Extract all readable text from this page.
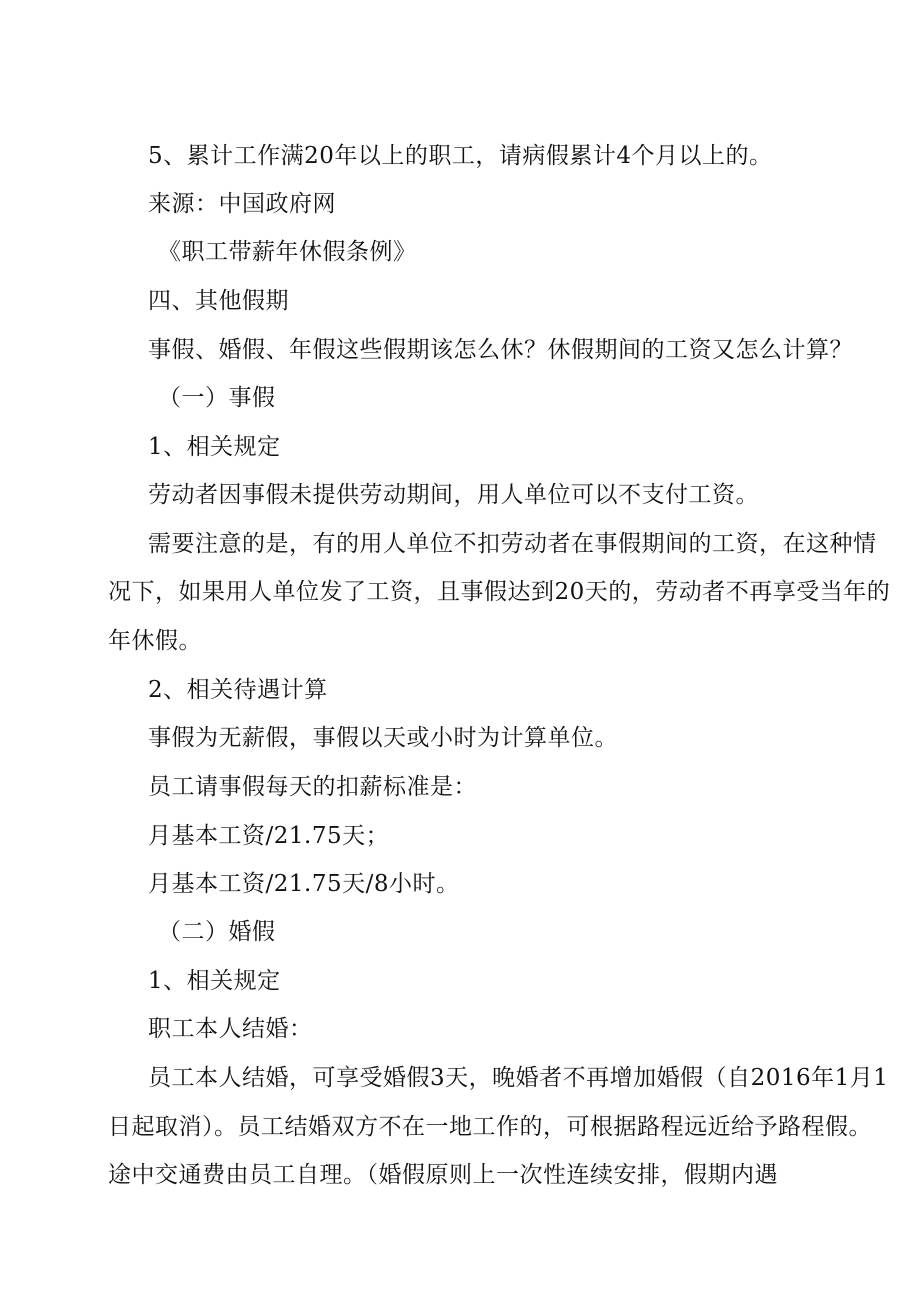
5、累计工作满20年以上的职工，请病假累计4个月以上的。
来源：中国政府网
《职工带薪年休假条例》
四、其他假期
事假、婚假、年假这些假期该怎么休？休假期间的工资又怎么计算？
（一）事假
1、相关规定
劳动者因事假未提供劳动期间，用人单位可以不支付工资。
需要注意的是，有的用人单位不扣劳动者在事假期间的工资，在这种情
况下，如果用人单位发了工资，且事假达到20天的，劳动者不再享受当年的
年休假。
2、相关待遇计算
事假为无薪假，事假以天或小时为计算单位。
员工请事假每天的扣薪标准是：
月基本工资/21.75天；
月基本工资/21.75天/8小时。
（二）婚假
1、相关规定
职工本人结婚：
员工本人结婚，可享受婚假3天，晚婚者不再增加婚假（自2016年1月1
日起取消）。员工结婚双方不在一地工作的，可根据路程远近给予路程假。
途中交通费由员工自理。（婚假原则上一次性连续安排，假期内遇
